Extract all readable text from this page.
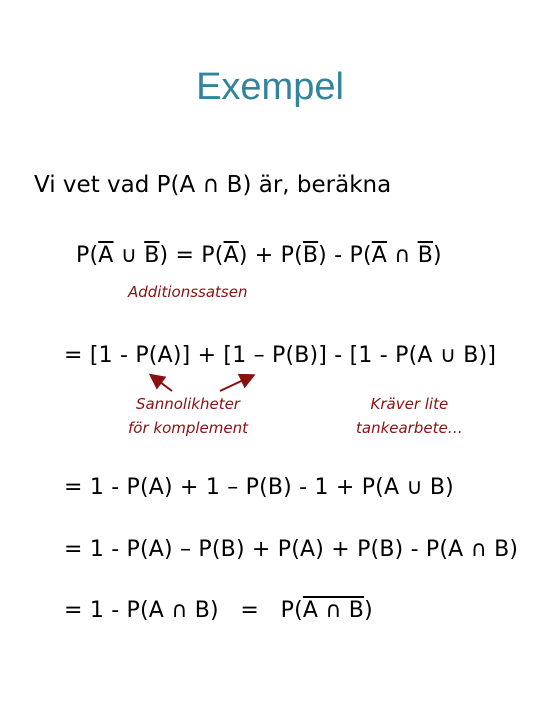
Exempel
Vi vet vad P(A ∩ B) är, beräkna
$P(\overline{A}$ ∪ $\overline{B}) = P(\overline{A}) + P(\overline{B}) - P(\overline{A}$ ∩ $\overline{B}$)
Additionssatsen
= [1 - P(A)] + [1 – P(B)] - [1 - P(A ∪ B)]
Sannolikheter
för komplement
Kräver lite
tankearbete…
= 1 - P(A) + 1 – P(B) - 1 + P(A ∪ B)
= 1 - P(A) – P(B) + P(A) + P(B) - P(A ∩ B)
= 1 - P(A ∩ B)   =   P(A ∩ B)
